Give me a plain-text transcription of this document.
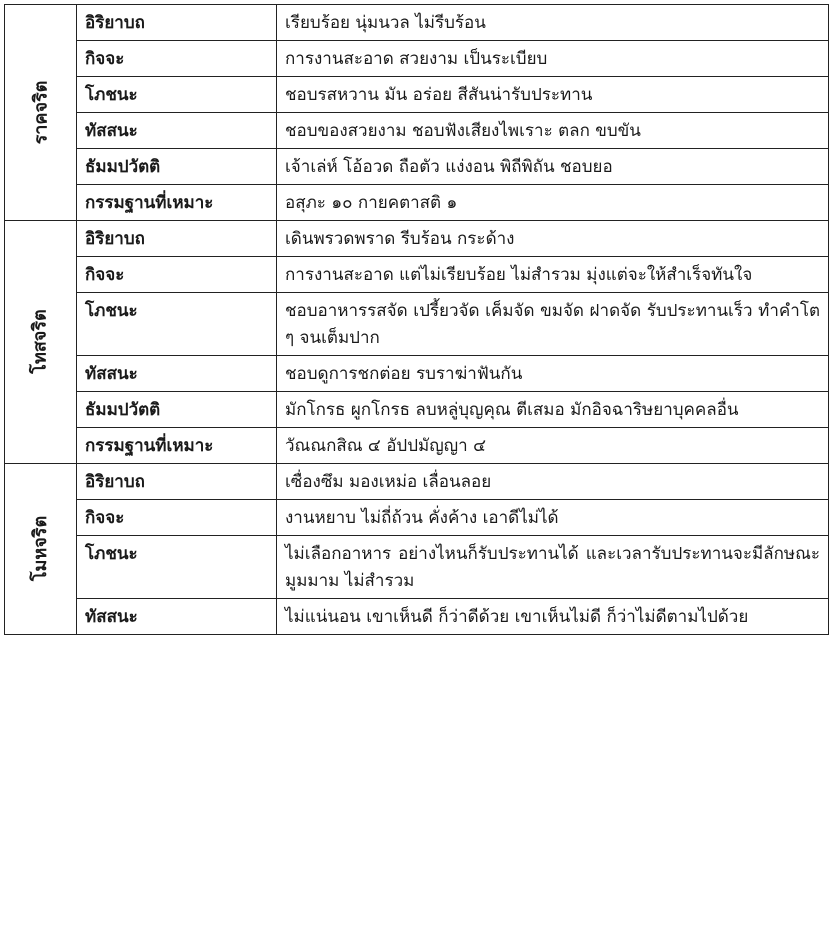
ราคจริต	อิริยาบถ	เรียบร้อย นุ่มนวล ไม่รีบร้อน
	กิจจะ	การงานสะอาด สวยงาม เป็นระเบียบ
	โภชนะ	ชอบรสหวาน มัน อร่อย สีสันน่ารับประทาน
	ทัสสนะ	ชอบของสวยงาม ชอบฟังเสียงไพเราะ ตลก ขบขัน
	ธัมมปวัตติ	เจ้าเล่ห์ โอ้อวด ถือตัว แง่งอน พิถีพิถัน ชอบยอ
	กรรมฐานที่เหมาะ	อสุภะ ๑๐ กายคตาสติ ๑
โทสจริต	อิริยาบถ	เดินพรวดพราด รีบร้อน กระด้าง
	กิจจะ	การงานสะอาด แต่ไม่เรียบร้อย ไม่สำรวม มุ่งแต่จะให้สำเร็จทันใจ
	โภชนะ	ชอบอาหารรสจัด เปรี้ยวจัด เค็มจัด ขมจัด ฝาดจัด รับประทานเร็ว ทำคำโต ๆ จนเต็มปาก
	ทัสสนะ	ชอบดูการชกต่อย รบราฆ่าฟันกัน
	ธัมมปวัตติ	มักโกรธ ผูกโกรธ ลบหลู่บุญคุณ ตีเสมอ มักอิจฉาริษยาบุคคลอื่น
	กรรมฐานที่เหมาะ	วัณณกสิณ ๔ อัปปมัญญา ๔
โมหจริต	อิริยาบถ	เซื่องซึม มองเหม่อ เลื่อนลอย
	กิจจะ	งานหยาบ ไม่ถี่ถ้วน คั่งค้าง เอาดีไม่ได้
	โภชนะ	ไม่เลือกอาหาร อย่างไหนก็รับประทานได้ และเวลารับประทานจะมีลักษณะมูมมาม ไม่สำรวม
	ทัสสนะ	ไม่แน่นอน เขาเห็นดี ก็ว่าดีด้วย เขาเห็นไม่ดี ก็ว่าไม่ดีตามไปด้วย
